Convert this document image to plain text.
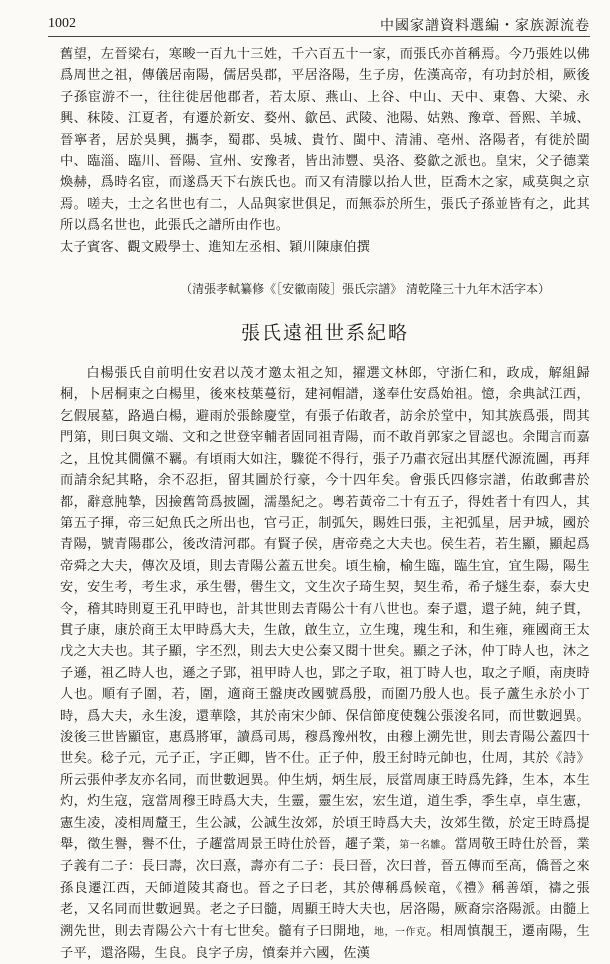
1002	中國家譜資料選編・家族源流卷

舊望，左晉梁右，寒畯一百九十三姓，千六百五十一家，而張氏亦首稱焉。今乃張姓以佛爲周世之祖，傳儀居南陽，儒居吳郡，平居洛陽，生子房，佐漢高帝，有功封於相，厥後子孫宦游不一，往往徙居他郡者，若太原、燕山、上谷、中山、天中、東魯、大梁、永興、秣陵、江夏者，有遷於新安、婺州、歙邑、武陵、池陽、姑熟、豫章、晉熙、羊城、晉寧者，居於吳興，攜李，蜀郡、吳城、貴竹、閩中、清浦、亳州、洛陽者，有徙於閩中、臨淄、臨川、晉陽、宣州、安豫者，皆出沛豐、吳洛、婺歙之派也。皇宋，父子德業煥赫，爲時名宦，而遂爲天下右族氏也。而又有清朦以抬人世，臣喬木之家，咸莫與之京焉。嗟夫，士之名世也有二，人品與家世俱足，而無忝於所生，張氏子孫並皆有之，此其所以爲名世也，此張氏之譜所由作也。

太子賓客、觀文殿學士、進知左丞相、穎川陳康伯撰

（清張孝軾纂修《［安徽南陵］張氏宗譜》 清乾隆三十九年木活字本）
張氏遠祖世系紀略

白楊張氏自前明仕安君以茂才邀太祖之知，擢選文林郎，守浙仁和，政成，解組歸桐，卜居桐東之白楊里，後來枝葉蔓衍，建祠帽譜，遂奉仕安爲始祖。憶，余典試江西，乞假展墓，路過白楊，避雨於張餘慶堂，有張子佑敢者，訪余於堂中，知其族爲張，問其門第，則曰與文端、文和之世登宰輔者固同祖青陽，而不敢肖郭家之冒認也。余聞言而嘉之，且悅其僩儻不羈。有頃雨大如注，驟從不得行，張子乃肅衣冠出其歷代源流圖，再拜而請余紀其略，余不忍拒，留其圖於行豪，今十四年矣。會張氏四修宗譜，佑敢郵書於都，辭意肫摯，因撿舊笥爲披圖，濡墨紀之。粵若黃帝二十有五子，得姓者十有四人，其第五子揮，帝三妃魚氏之所出也，官弓正，制弧矢，賜姓曰張，主祀弧星，居尹城，國於青陽，號青陽郡公，後改清河郡。有賢子侯，唐帝堯之大夫也。侯生若，若生顯，顯起爲帝舜之大夫，傳次及頃，則去青陽公蓋五世矣。頃生榆，榆生臨，臨生宜，宜生陽，陽生安，安生考，考生求，承生嚳，嚳生文，文生次子琦生契，契生希，希子燧生泰，泰大史令，稽其時則夏王孔甲時也，計其世則去青陽公十有八世也。秦子還，還子純，純子貫，貫子康，康於商王太甲時爲大夫，生啟，啟生立，立生瑰，瑰生和，和生雍，雍國商王太戊之大夫也。其子顯，字丕烈，則去大史公秦又閱十世矣。顯之子沐，仲丁時人也，沐之子遜，祖乙時人也，遜之子郢，祖甲時人也，郢之子取，祖丁時人也，取之子順，南庚時人也。順有子圍，若，圍，適商王盤庚改國號爲殷，而圍乃殷人也。長子蘆生永於小丁時，爲大夫，永生浚，還華陰，其於南宋少師、保信節度使魏公張浚名同，而世數迥異。浚後三世皆顯宦，惠爲將軍，讀爲司馬，穆爲豫州牧，由穆上溯先世，則去青陽公蓋四十世矣。稔子元，元子正，字正卿，皆不仕。正子仲，殷王紂時元帥也，仕周，其於《詩》所云張仲孝友亦名同，而世數迥異。仲生炳，炳生辰，辰當周康王時爲先鋒，生本，本生灼，灼生寇，寇當周穆王時爲大夫，生靈，靈生宏，宏生道，道生季，季生卓，卓生憲，憲生凌，凌相周釐王，生公誠，公誠生汝郊，於頃王時爲大夫，汝郊生徵，於定王時爲提舉，徵生譽，譽不仕，子趯當周景王時仕於晉，趯子業，第一名雛。當周敬王時仕於晉，業子義有二子：長曰壽，次曰熹，壽亦有二子：長曰晉，次曰普，晉五傳而至高，僑晉之來孫良遷江西，天師道陵其裔也。晉之子曰老，其於傳稱爲候竜，《禮》稱善頌，禱之張老，又名同而世數迥異。老之子曰髓，周顯王時大夫也，居洛陽，厥裔宗洛陽派。由髓上溯先世，則去青陽公六十有七世矣。髓有子曰開地，地，一作克。相周慎靚王，遷南陽，生子平，還洛陽，生良。良字子房，憤秦并六國，佐漢
